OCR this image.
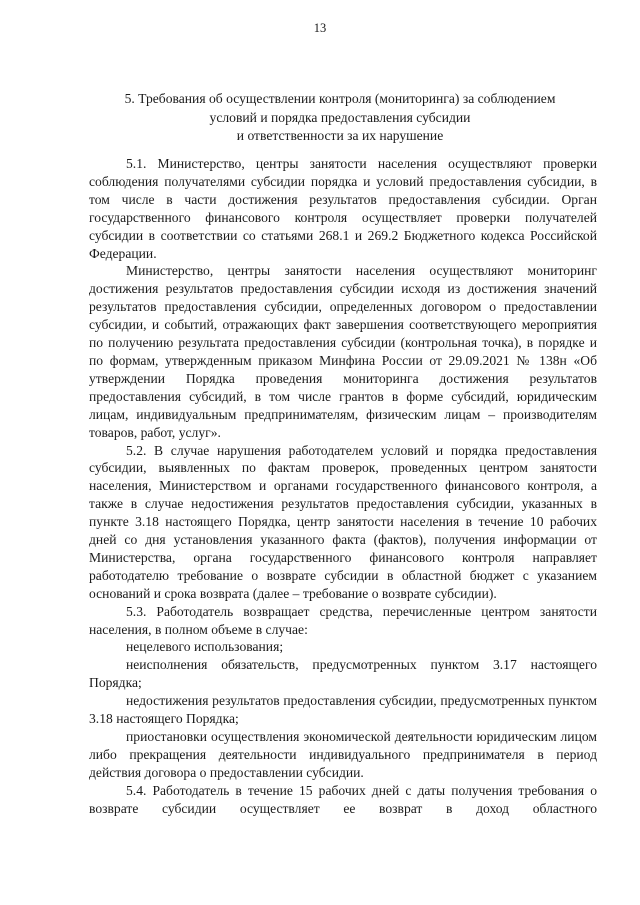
13
5. Требования об осуществлении контроля (мониторинга) за соблюдением
условий и порядка предоставления субсидии
и ответственности за их нарушение

5.1. Министерство, центры занятости населения осуществляют проверки соблюдения получателями субсидии порядка и условий предоставления субсидии, в том числе в части достижения результатов предоставления субсидии. Орган государственного финансового контроля осуществляет проверки получателей субсидии в соответствии со статьями 268.1 и 269.2 Бюджетного кодекса Российской Федерации.

Министерство, центры занятости населения осуществляют мониторинг достижения результатов предоставления субсидии исходя из достижения значений результатов предоставления субсидии, определенных договором о предоставлении субсидии, и событий, отражающих факт завершения соответствующего мероприятия по получению результата предоставления субсидии (контрольная точка), в порядке и по формам, утвержденным приказом Минфина России от 29.09.2021 № 138н «Об утверждении Порядка проведения мониторинга достижения результатов предоставления субсидий, в том числе грантов в форме субсидий, юридическим лицам, индивидуальным предпринимателям, физическим лицам – производителям товаров, работ, услуг».

5.2. В случае нарушения работодателем условий и порядка предоставления субсидии, выявленных по фактам проверок, проведенных центром занятости населения, Министерством и органами государственного финансового контроля, а также в случае недостижения результатов предоставления субсидии, указанных в пункте 3.18 настоящего Порядка, центр занятости населения в течение 10 рабочих дней со дня установления указанного факта (фактов), получения информации от Министерства, органа государственного финансового контроля направляет работодателю требование о возврате субсидии в областной бюджет с указанием оснований и срока возврата (далее – требование о возврате субсидии).

5.3. Работодатель возвращает средства, перечисленные центром занятости населения, в полном объеме в случае:

нецелевого использования;

неисполнения обязательств, предусмотренных пунктом 3.17 настоящего Порядка;

недостижения результатов предоставления субсидии, предусмотренных пунктом 3.18 настоящего Порядка;

приостановки осуществления экономической деятельности юридическим лицом либо прекращения деятельности индивидуального предпринимателя в период действия договора о предоставлении субсидии.

5.4. Работодатель в течение 15 рабочих дней с даты получения требования о возврате субсидии осуществляет ее возврат в доход областного
